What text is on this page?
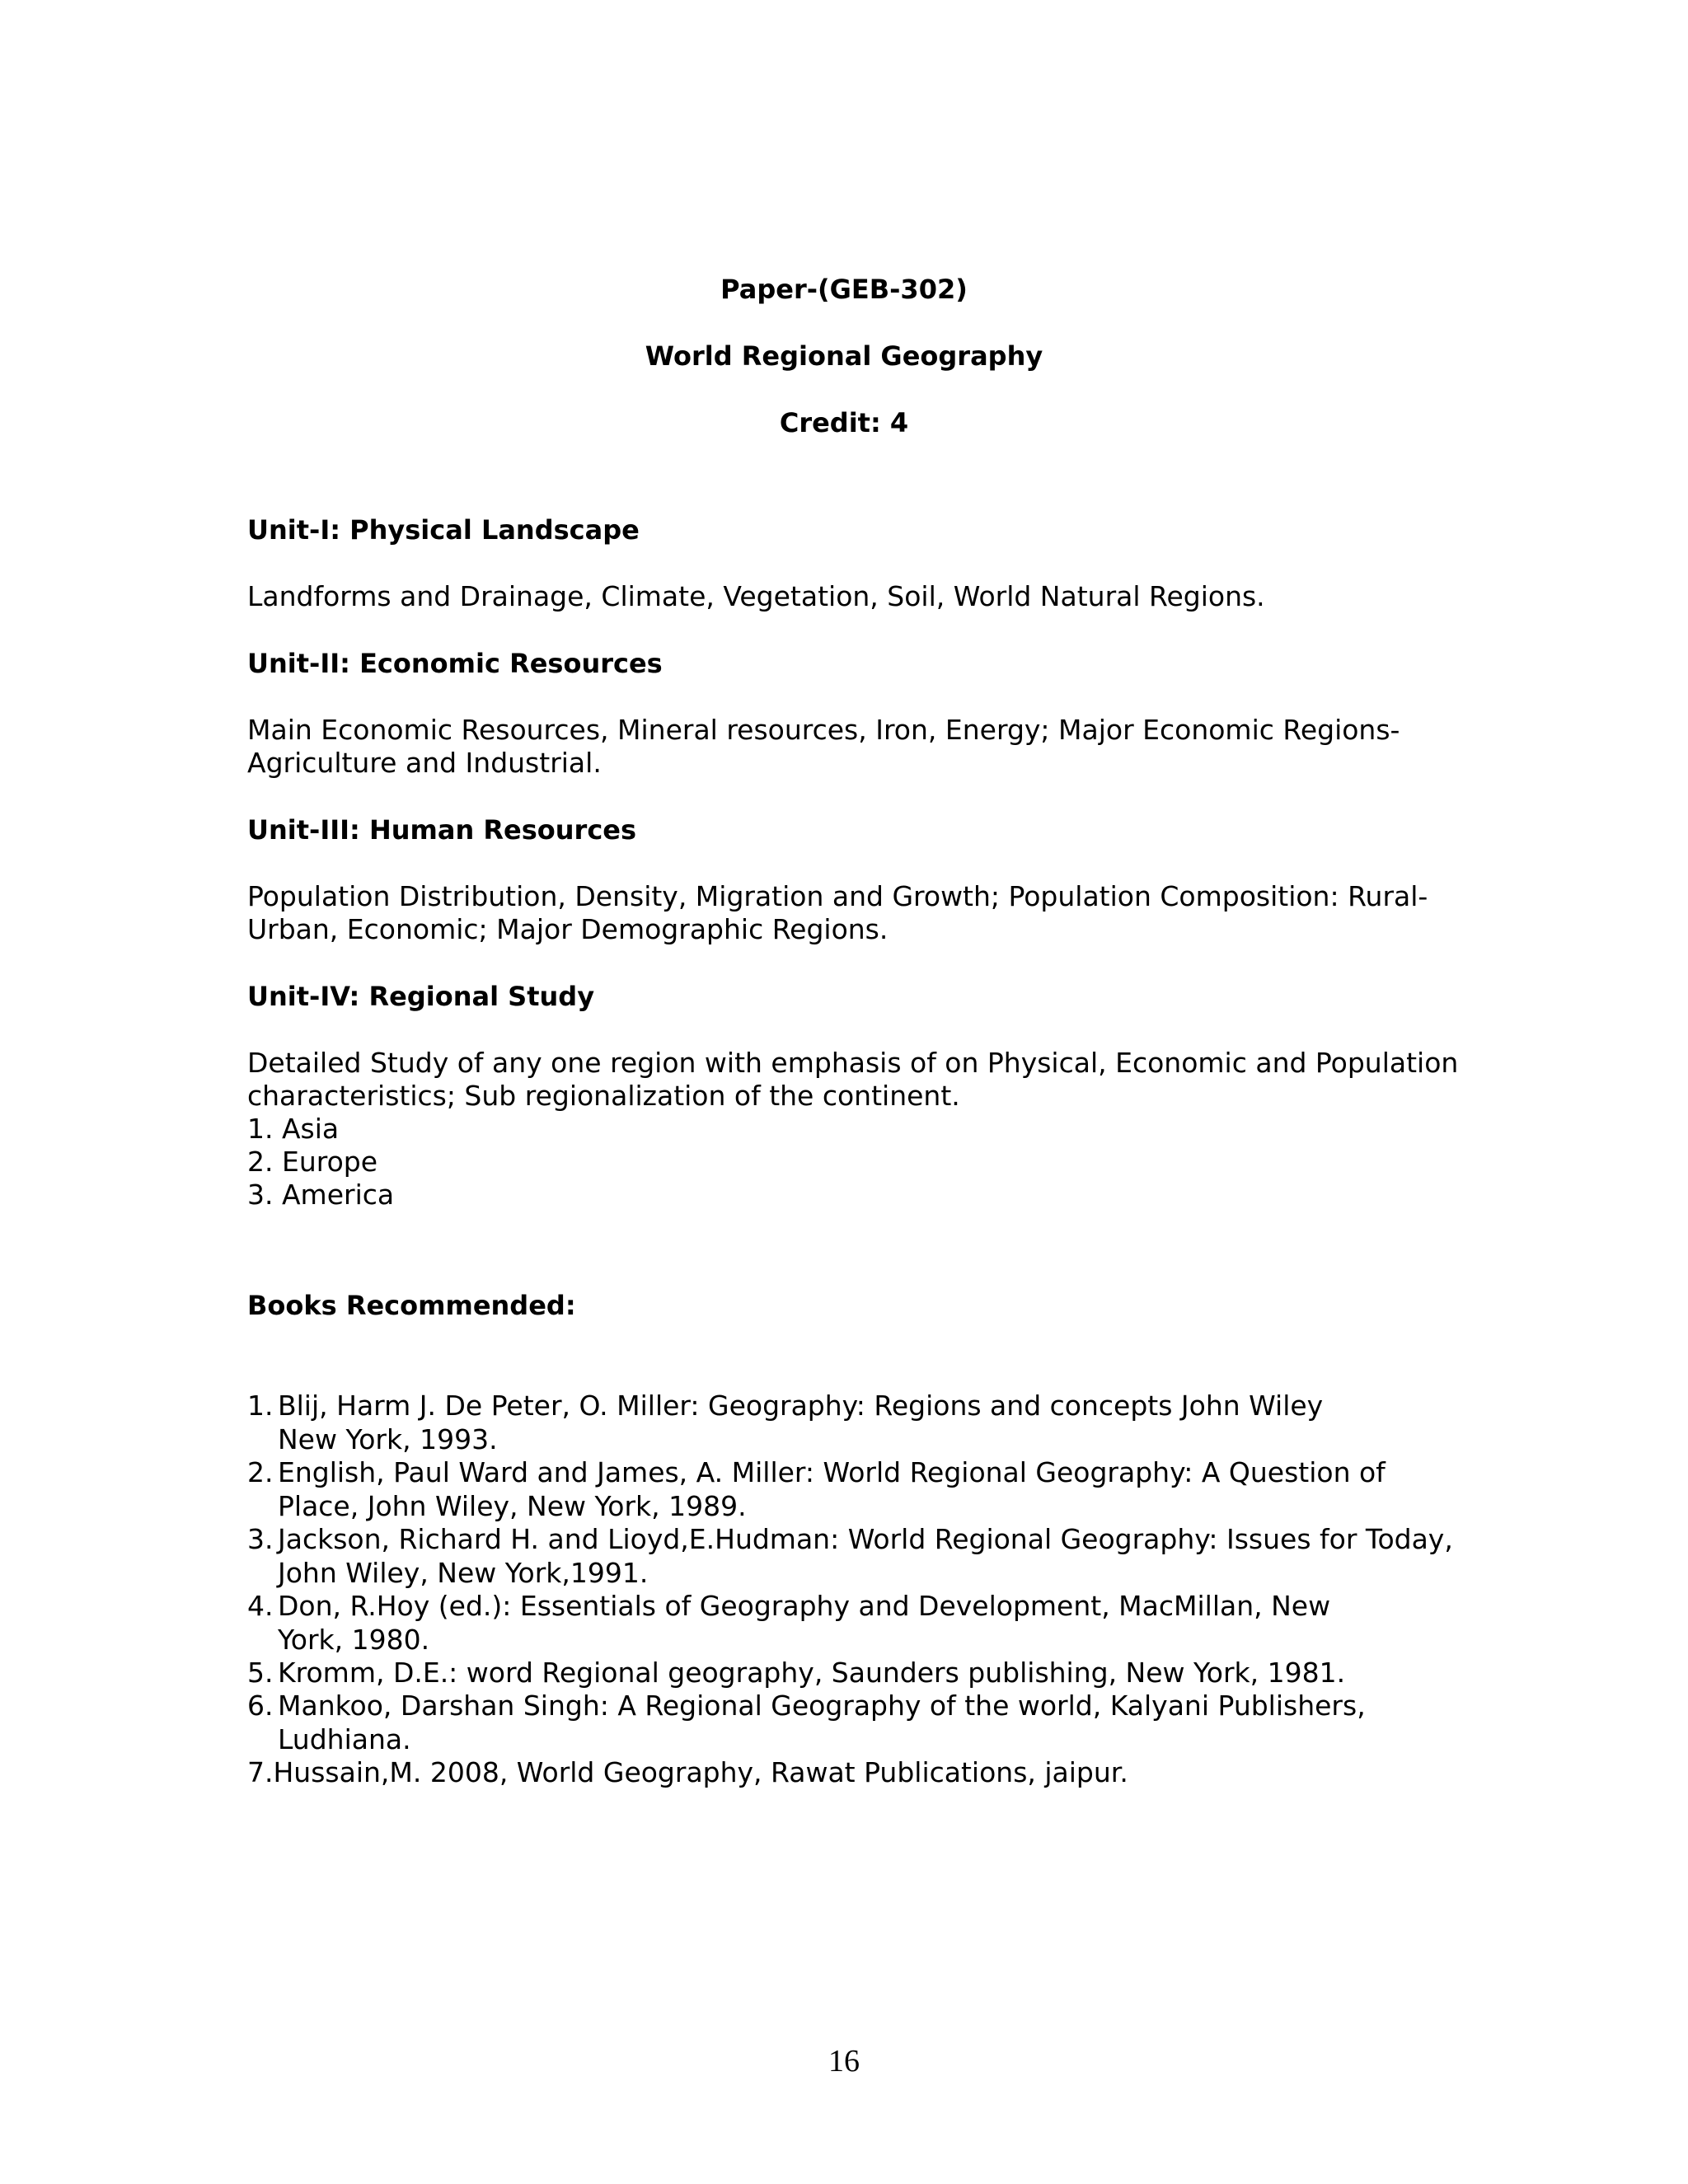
Paper-(GEB-302)
World Regional Geography
Credit: 4
Unit-I: Physical Landscape
Landforms and Drainage, Climate, Vegetation, Soil, World Natural Regions.
Unit-II: Economic Resources
Main Economic Resources, Mineral resources, Iron, Energy; Major Economic Regions-
Agriculture and Industrial.
Unit-III: Human Resources
Population Distribution, Density, Migration and Growth; Population Composition: Rural-
Urban, Economic; Major Demographic Regions.
Unit-IV: Regional Study
Detailed Study of any one region with emphasis of on Physical, Economic and Population
characteristics; Sub regionalization of the continent.
1. Asia
2. Europe
3. America
Books Recommended:
1. Blij, Harm J. De Peter, O. Miller: Geography: Regions and concepts John Wiley
New York, 1993.
2. English, Paul Ward and James, A. Miller: World Regional Geography: A Question of
Place, John Wiley, New York, 1989.
3. Jackson, Richard H. and Lioyd,E.Hudman: World Regional Geography: Issues for Today,
John Wiley, New York,1991.
4. Don, R.Hoy (ed.): Essentials of Geography and Development, MacMillan, New
York, 1980.
5. Kromm, D.E.: word Regional geography, Saunders publishing, New York, 1981.
6. Mankoo, Darshan Singh: A Regional Geography of the world, Kalyani Publishers,
Ludhiana.
7.Hussain,M. 2008, World Geography, Rawat Publications, jaipur.
16
